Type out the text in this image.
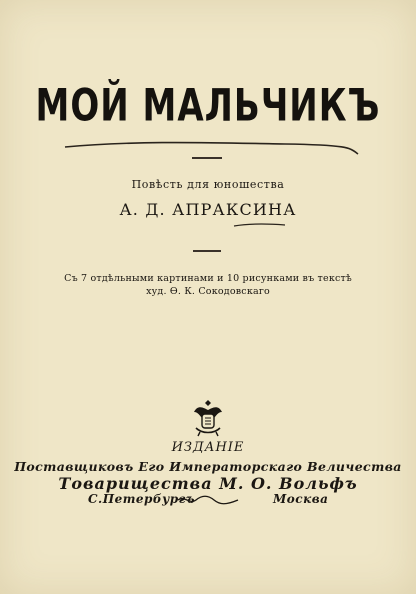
МОЙ МАЛЬЧИКЪ
Повѣсть для юношества
А. Д. АПРАКСИНА
Съ 7 отдѣльными картинами и 10 рисунками въ текстѣ
худ. Ѳ. К. Сокодовскаго
ИЗДАНІЕ
Поставщиковъ Его Императорскаго Величества
Товарищества М. О. Вольфъ
С.Петербургъ	Москва
